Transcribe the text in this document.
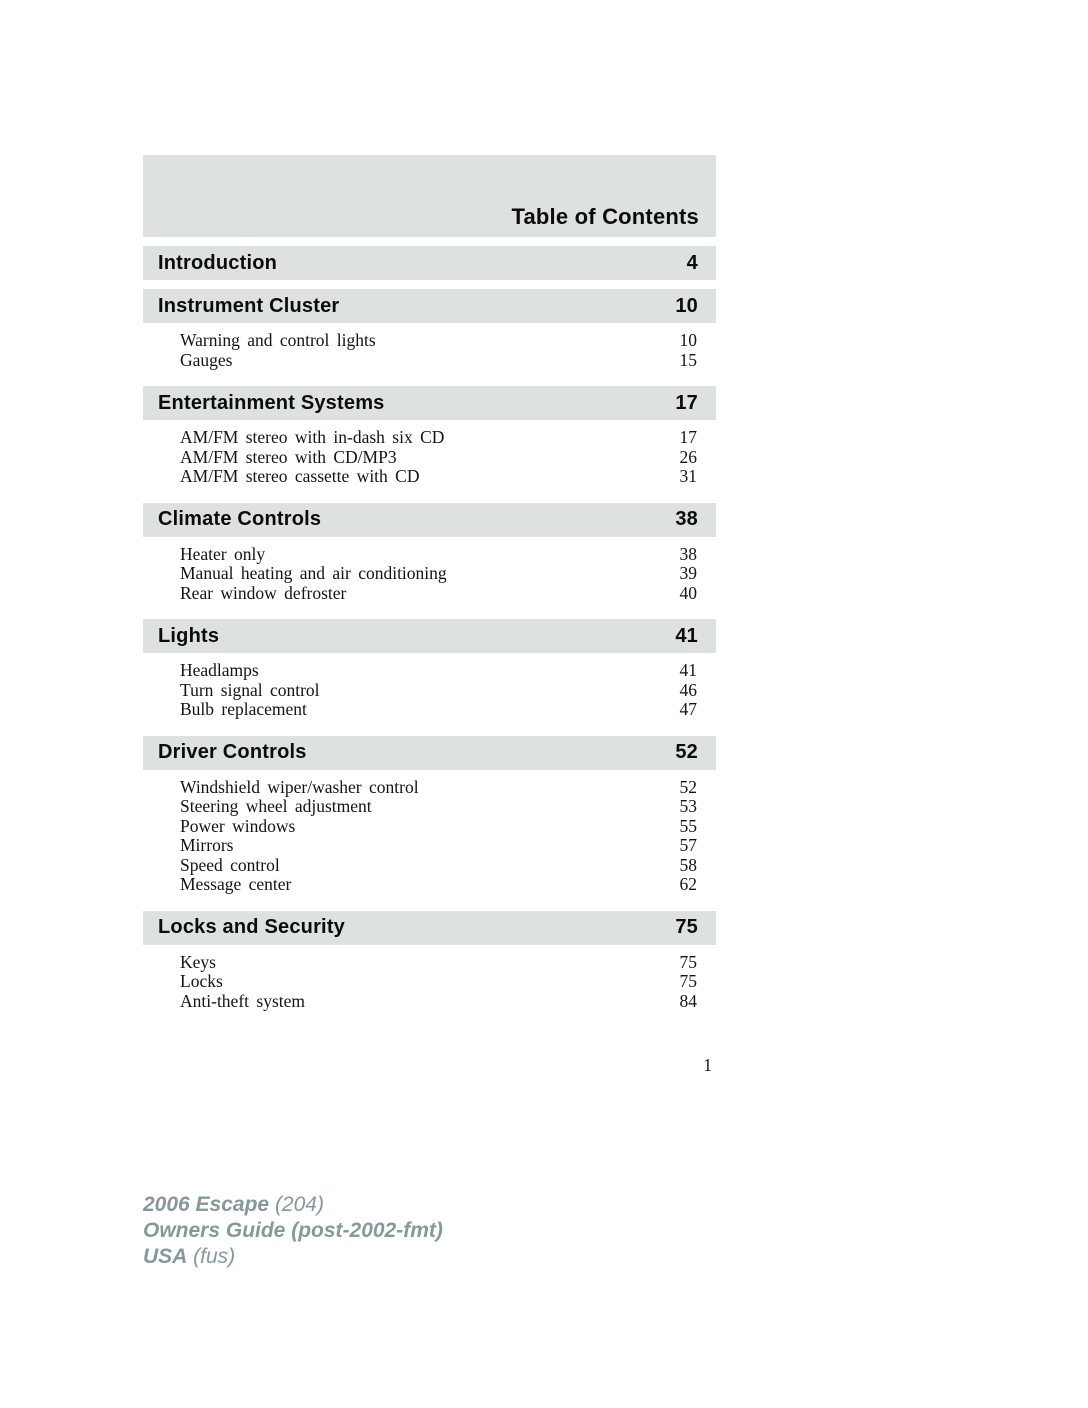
Table of Contents
Introduction	4
Instrument Cluster	10
Warning and control lights	10
Gauges	15
Entertainment Systems	17
AM/FM stereo with in-dash six CD	17
AM/FM stereo with CD/MP3	26
AM/FM stereo cassette with CD	31
Climate Controls	38
Heater only	38
Manual heating and air conditioning	39
Rear window defroster	40
Lights	41
Headlamps	41
Turn signal control	46
Bulb replacement	47
Driver Controls	52
Windshield wiper/washer control	52
Steering wheel adjustment	53
Power windows	55
Mirrors	57
Speed control	58
Message center	62
Locks and Security	75
Keys	75
Locks	75
Anti-theft system	84
1
2006 Escape (204)
Owners Guide (post-2002-fmt)
USA (fus)
